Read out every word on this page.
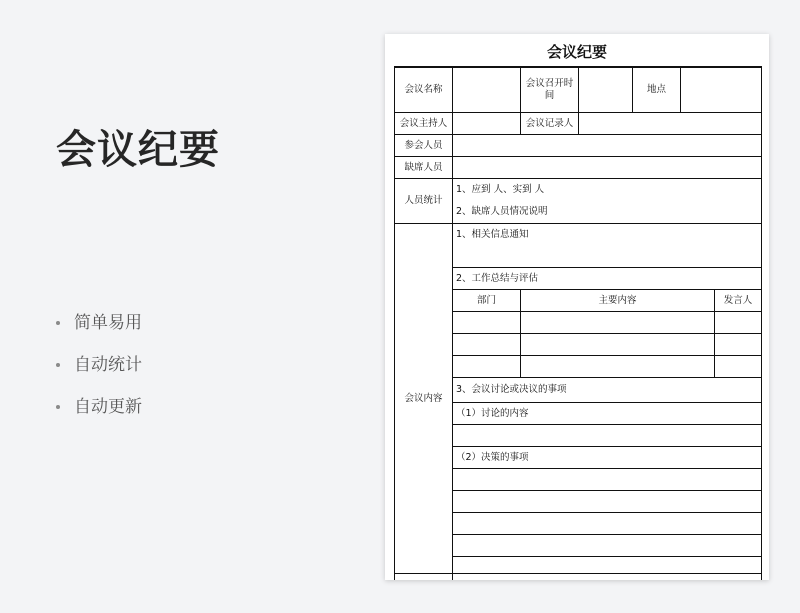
会议纪要
简单易用
自动统计
自动更新
会议纪要
会议名称		会议召开时间		地点		
会议主持人		会议记录人				
参会人员						
缺席人员						
人员统计	1、应到 人、实到 人					
	2、缺席人员情况说明					
会议内容	1、相关信息通知					
	2、工作总结与评估					
	部门	主要内容				发言人

	3、会议讨论或决议的事项					
	（1）讨论的内容					

	（2）决策的事项					
